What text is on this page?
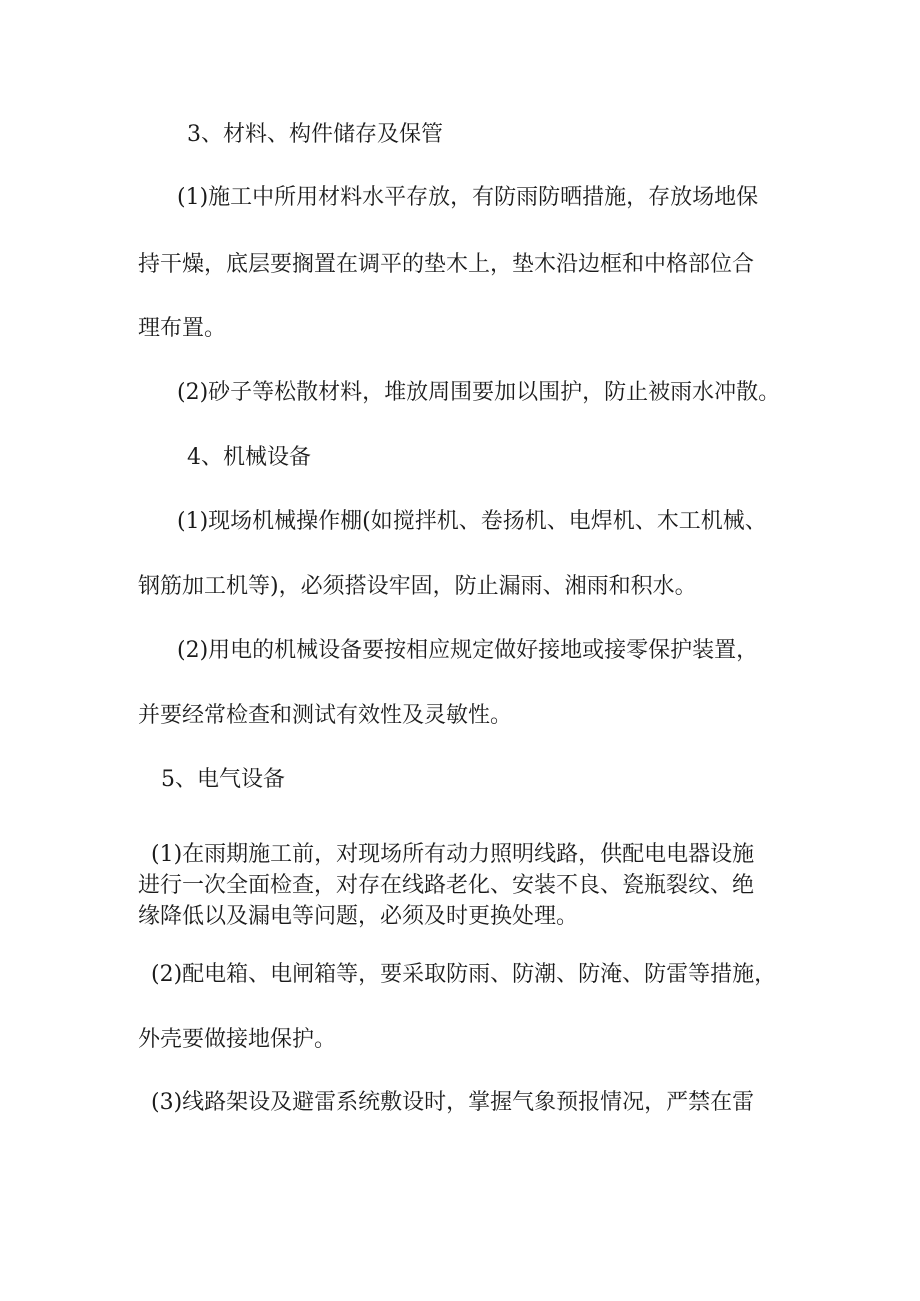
3、材料、构件储存及保管

(1)施工中所用材料水平存放，有防雨防晒措施，存放场地保

持干燥，底层要搁置在调平的垫木上，垫木沿边框和中格部位合

理布置。

(2)砂子等松散材料，堆放周围要加以围护，防止被雨水冲散。

4、机械设备

(1)现场机械操作棚(如搅拌机、卷扬机、电焊机、木工机械、

钢筋加工机等)，必须搭设牢固，防止漏雨、湘雨和积水。

(2)用电的机械设备要按相应规定做好接地或接零保护装置，

并要经常检查和测试有效性及灵敏性。

5、电气设备

(1)在雨期施工前，对现场所有动力照明线路，供配电电器设施

进行一次全面检查，对存在线路老化、安装不良、瓷瓶裂纹、绝

缘降低以及漏电等问题，必须及时更换处理。

(2)配电箱、电闸箱等，要采取防雨、防潮、防淹、防雷等措施，

外壳要做接地保护。

(3)线路架设及避雷系统敷设时，掌握气象预报情况，严禁在雷
